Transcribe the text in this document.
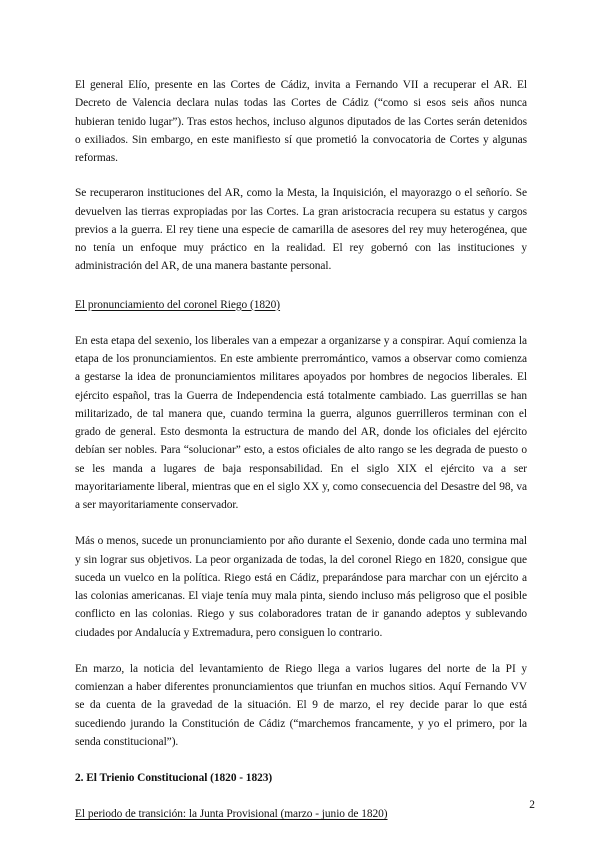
El general Elío, presente en las Cortes de Cádiz, invita a Fernando VII a recuperar el AR. El Decreto de Valencia declara nulas todas las Cortes de Cádiz (“como si esos seis años nunca hubieran tenido lugar”). Tras estos hechos, incluso algunos diputados de las Cortes serán detenidos o exiliados. Sin embargo, en este manifiesto sí que prometió la convocatoria de Cortes y algunas reformas.

Se recuperaron instituciones del AR, como la Mesta, la Inquisición, el mayorazgo o el señorío. Se devuelven las tierras expropiadas por las Cortes. La gran aristocracia recupera su estatus y cargos previos a la guerra. El rey tiene una especie de camarilla de asesores del rey muy heterogénea, que no tenía un enfoque muy práctico en la realidad. El rey gobernó con las instituciones y administración del AR, de una manera bastante personal.

El pronunciamiento del coronel Riego (1820)

En esta etapa del sexenio, los liberales van a empezar a organizarse y a conspirar. Aquí comienza la etapa de los pronunciamientos. En este ambiente prerromántico, vamos a observar como comienza a gestarse la idea de pronunciamientos militares apoyados por hombres de negocios liberales. El ejército español, tras la Guerra de Independencia está totalmente cambiado. Las guerrillas se han militarizado, de tal manera que, cuando termina la guerra, algunos guerrilleros terminan con el grado de general. Esto desmonta la estructura de mando del AR, donde los oficiales del ejército debían ser nobles. Para “solucionar” esto, a estos oficiales de alto rango se les degrada de puesto o se les manda a lugares de baja responsabilidad. En el siglo XIX el ejército va a ser mayoritariamente liberal, mientras que en el siglo XX y, como consecuencia del Desastre del 98, va a ser mayoritariamente conservador.

Más o menos, sucede un pronunciamiento por año durante el Sexenio, donde cada uno termina mal y sin lograr sus objetivos. La peor organizada de todas, la del coronel Riego en 1820, consigue que suceda un vuelco en la política. Riego está en Cádiz, preparándose para marchar con un ejército a las colonias americanas. El viaje tenía muy mala pinta, siendo incluso más peligroso que el posible conflicto en las colonias. Riego y sus colaboradores tratan de ir ganando adeptos y sublevando ciudades por Andalucía y Extremadura, pero consiguen lo contrario.

En marzo, la noticia del levantamiento de Riego llega a varios lugares del norte de la PI y comienzan a haber diferentes pronunciamientos que triunfan en muchos sitios. Aquí Fernando VV se da cuenta de la gravedad de la situación. El 9 de marzo, el rey decide parar lo que está sucediendo jurando la Constitución de Cádiz (“marchemos francamente, y yo el primero, por la senda constitucional”).

2. El Trienio Constitucional (1820 - 1823)

El periodo de transición: la Junta Provisional (marzo - junio de 1820)

2
